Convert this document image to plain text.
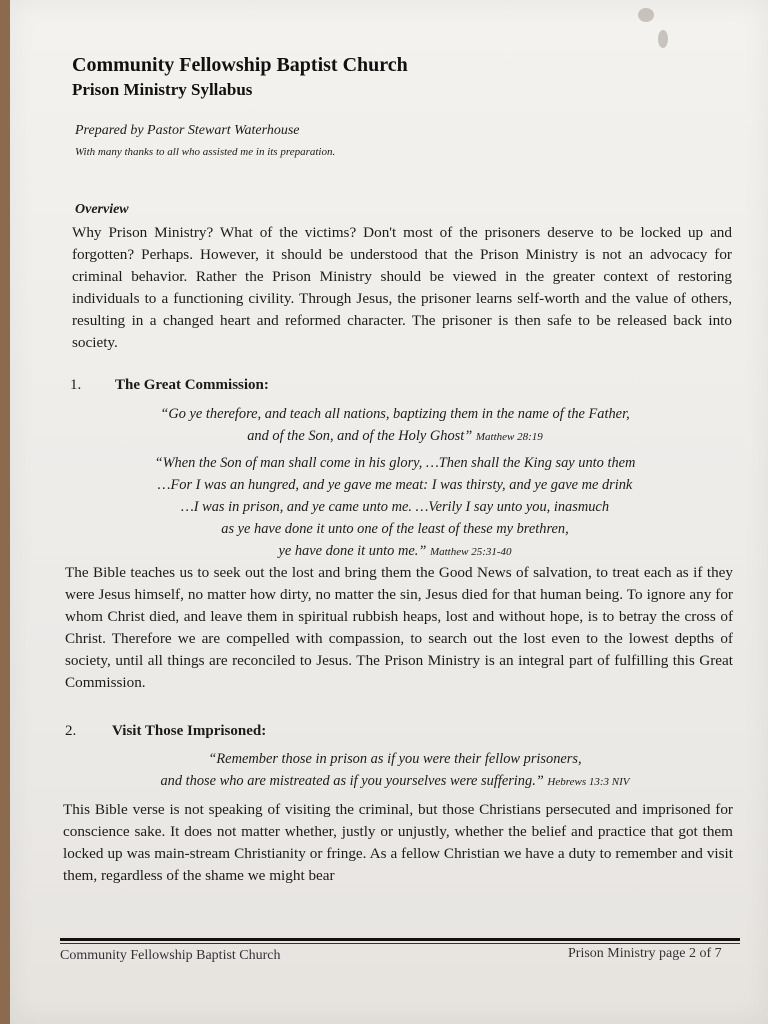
Community Fellowship Baptist Church
Prison Ministry Syllabus
Prepared by Pastor Stewart Waterhouse
With many thanks to all who assisted me in its preparation.
Overview
Why Prison Ministry? What of the victims? Don't most of the prisoners deserve to be locked up and forgotten? Perhaps. However, it should be understood that the Prison Ministry is not an advocacy for criminal behavior. Rather the Prison Ministry should be viewed in the greater context of restoring individuals to a functioning civility. Through Jesus, the prisoner learns self-worth and the value of others, resulting in a changed heart and reformed character. The prisoner is then safe to be released back into society.
1. The Great Commission:
“Go ye therefore, and teach all nations, baptizing them in the name of the Father,
and of the Son, and of the Holy Ghost” Matthew 28:19
“When the Son of man shall come in his glory, …Then shall the King say unto them
…For I was an hungred, and ye gave me meat: I was thirsty, and ye gave me drink
…I was in prison, and ye came unto me. …Verily I say unto you, inasmuch
as ye have done it unto one of the least of these my brethren,
ye have done it unto me.” Matthew 25:31-40
The Bible teaches us to seek out the lost and bring them the Good News of salvation, to treat each as if they were Jesus himself, no matter how dirty, no matter the sin, Jesus died for that human being. To ignore any for whom Christ died, and leave them in spiritual rubbish heaps, lost and without hope, is to betray the cross of Christ. Therefore we are compelled with compassion, to search out the lost even to the lowest depths of society, until all things are reconciled to Jesus. The Prison Ministry is an integral part of fulfilling this Great Commission.
2. Visit Those Imprisoned:
“Remember those in prison as if you were their fellow prisoners,
and those who are mistreated as if you yourselves were suffering.” Hebrews 13:3 NIV
This Bible verse is not speaking of visiting the criminal, but those Christians persecuted and imprisoned for conscience sake. It does not matter whether, justly or unjustly, whether the belief and practice that got them locked up was main-stream Christianity or fringe. As a fellow Christian we have a duty to remember and visit them, regardless of the shame we might bear
Community Fellowship Baptist Church	Prison Ministry page 2 of 7
